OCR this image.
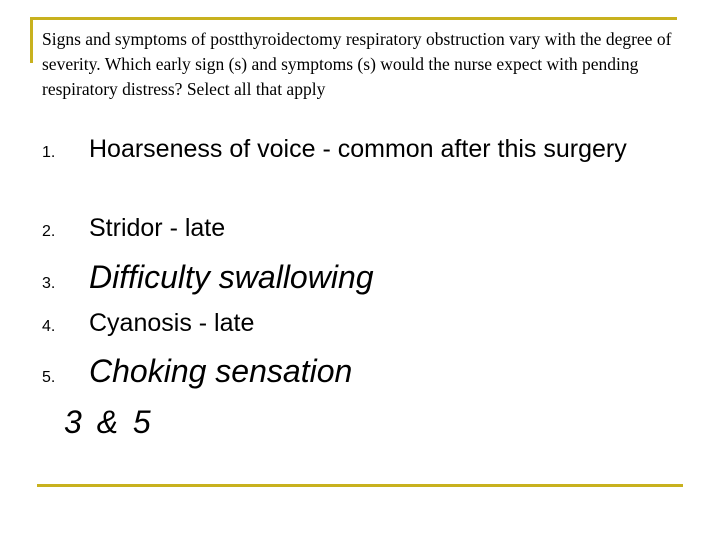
Signs and symptoms of postthyroidectomy respiratory obstruction vary with the degree of severity. Which early sign (s) and symptoms (s) would the nurse expect with pending respiratory distress? Select all that apply
1.	Hoarseness of voice - common after this surgery
2.	Stridor - late
3.	Difficulty swallowing
4.	Cyanosis - late
5.	Choking sensation
3 & 5
